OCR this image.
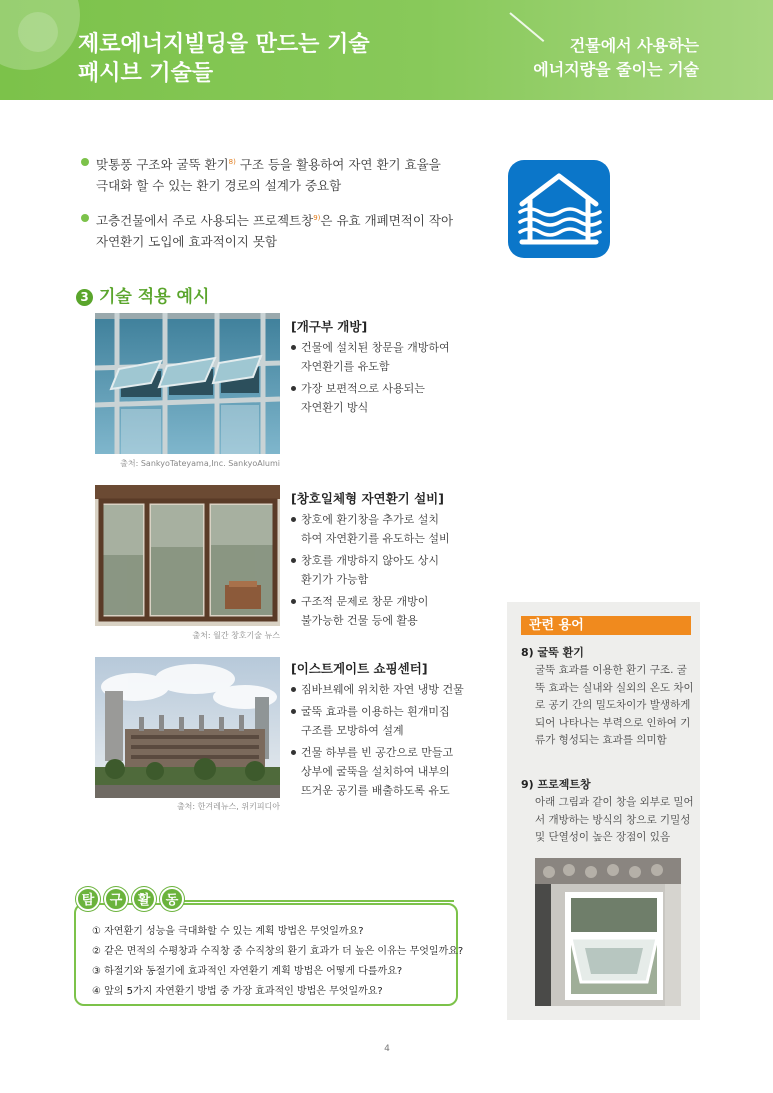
제로에너지빌딩을 만드는 기술
패시브 기술들
건물에서 사용하는
에너지량을 줄이는 기술
맞통풍 구조와 굴뚝 환기$^{8)}$ 구조 등을 활용하여 자연 환기 효율을
극대화 할 수 있는 환기 경로의 설계가 중요함
고층건물에서 주로 사용되는 프로젝트창$^{9)}$은 유효 개폐면적이 작아
자연환기 도입에 효과적이지 못함
3 기술 적용 예시
출처: SankyoTateyama,Inc. SankyoAlumi
[개구부 개방]
건물에 설치된 창문을 개방하여
자연환기를 유도함
가장 보편적으로 사용되는
자연환기 방식
출처: 월간 창호기술 뉴스
[창호일체형 자연환기 설비]
창호에 환기창을 추가로 설치
하여 자연환기를 유도하는 설비
창호를 개방하지 않아도 상시
환기가 가능함
구조적 문제로 창문 개방이
불가능한 건물 등에 활용
출처: 한겨레뉴스, 위키피디아
[이스트게이트 쇼핑센터]
짐바브웨에 위치한 자연 냉방 건물
굴뚝 효과를 이용하는 흰개미집
구조를 모방하여 설계
건물 하부를 빈 공간으로 만들고
상부에 굴뚝을 설치하여 내부의
뜨거운 공기를 배출하도록 유도
관련 용어
8) 굴뚝 환기
굴뚝 효과를 이용한 환기 구조. 굴뚝 효과는 실내와 실외의 온도 차이로 공기 간의 밀도차이가 발생하게 되어 나타나는 부력으로 인하여 기류가 형성되는 효과를 의미함
9) 프로젝트창
아래 그림과 같이 창을 외부로 밀어서 개방하는 방식의 창으로 기밀성 및 단열성이 높은 장점이 있음
탐	구	활	동
① 자연환기 성능을 극대화할 수 있는 계획 방법은 무엇일까요?
② 같은 면적의 수평창과 수직창 중 수직창의 환기 효과가 더 높은 이유는 무엇일까요?
③ 하절기와 동절기에 효과적인 자연환기 계획 방법은 어떻게 다를까요?
④ 앞의 5가지 자연환기 방법 중 가장 효과적인 방법은 무엇일까요?
4
